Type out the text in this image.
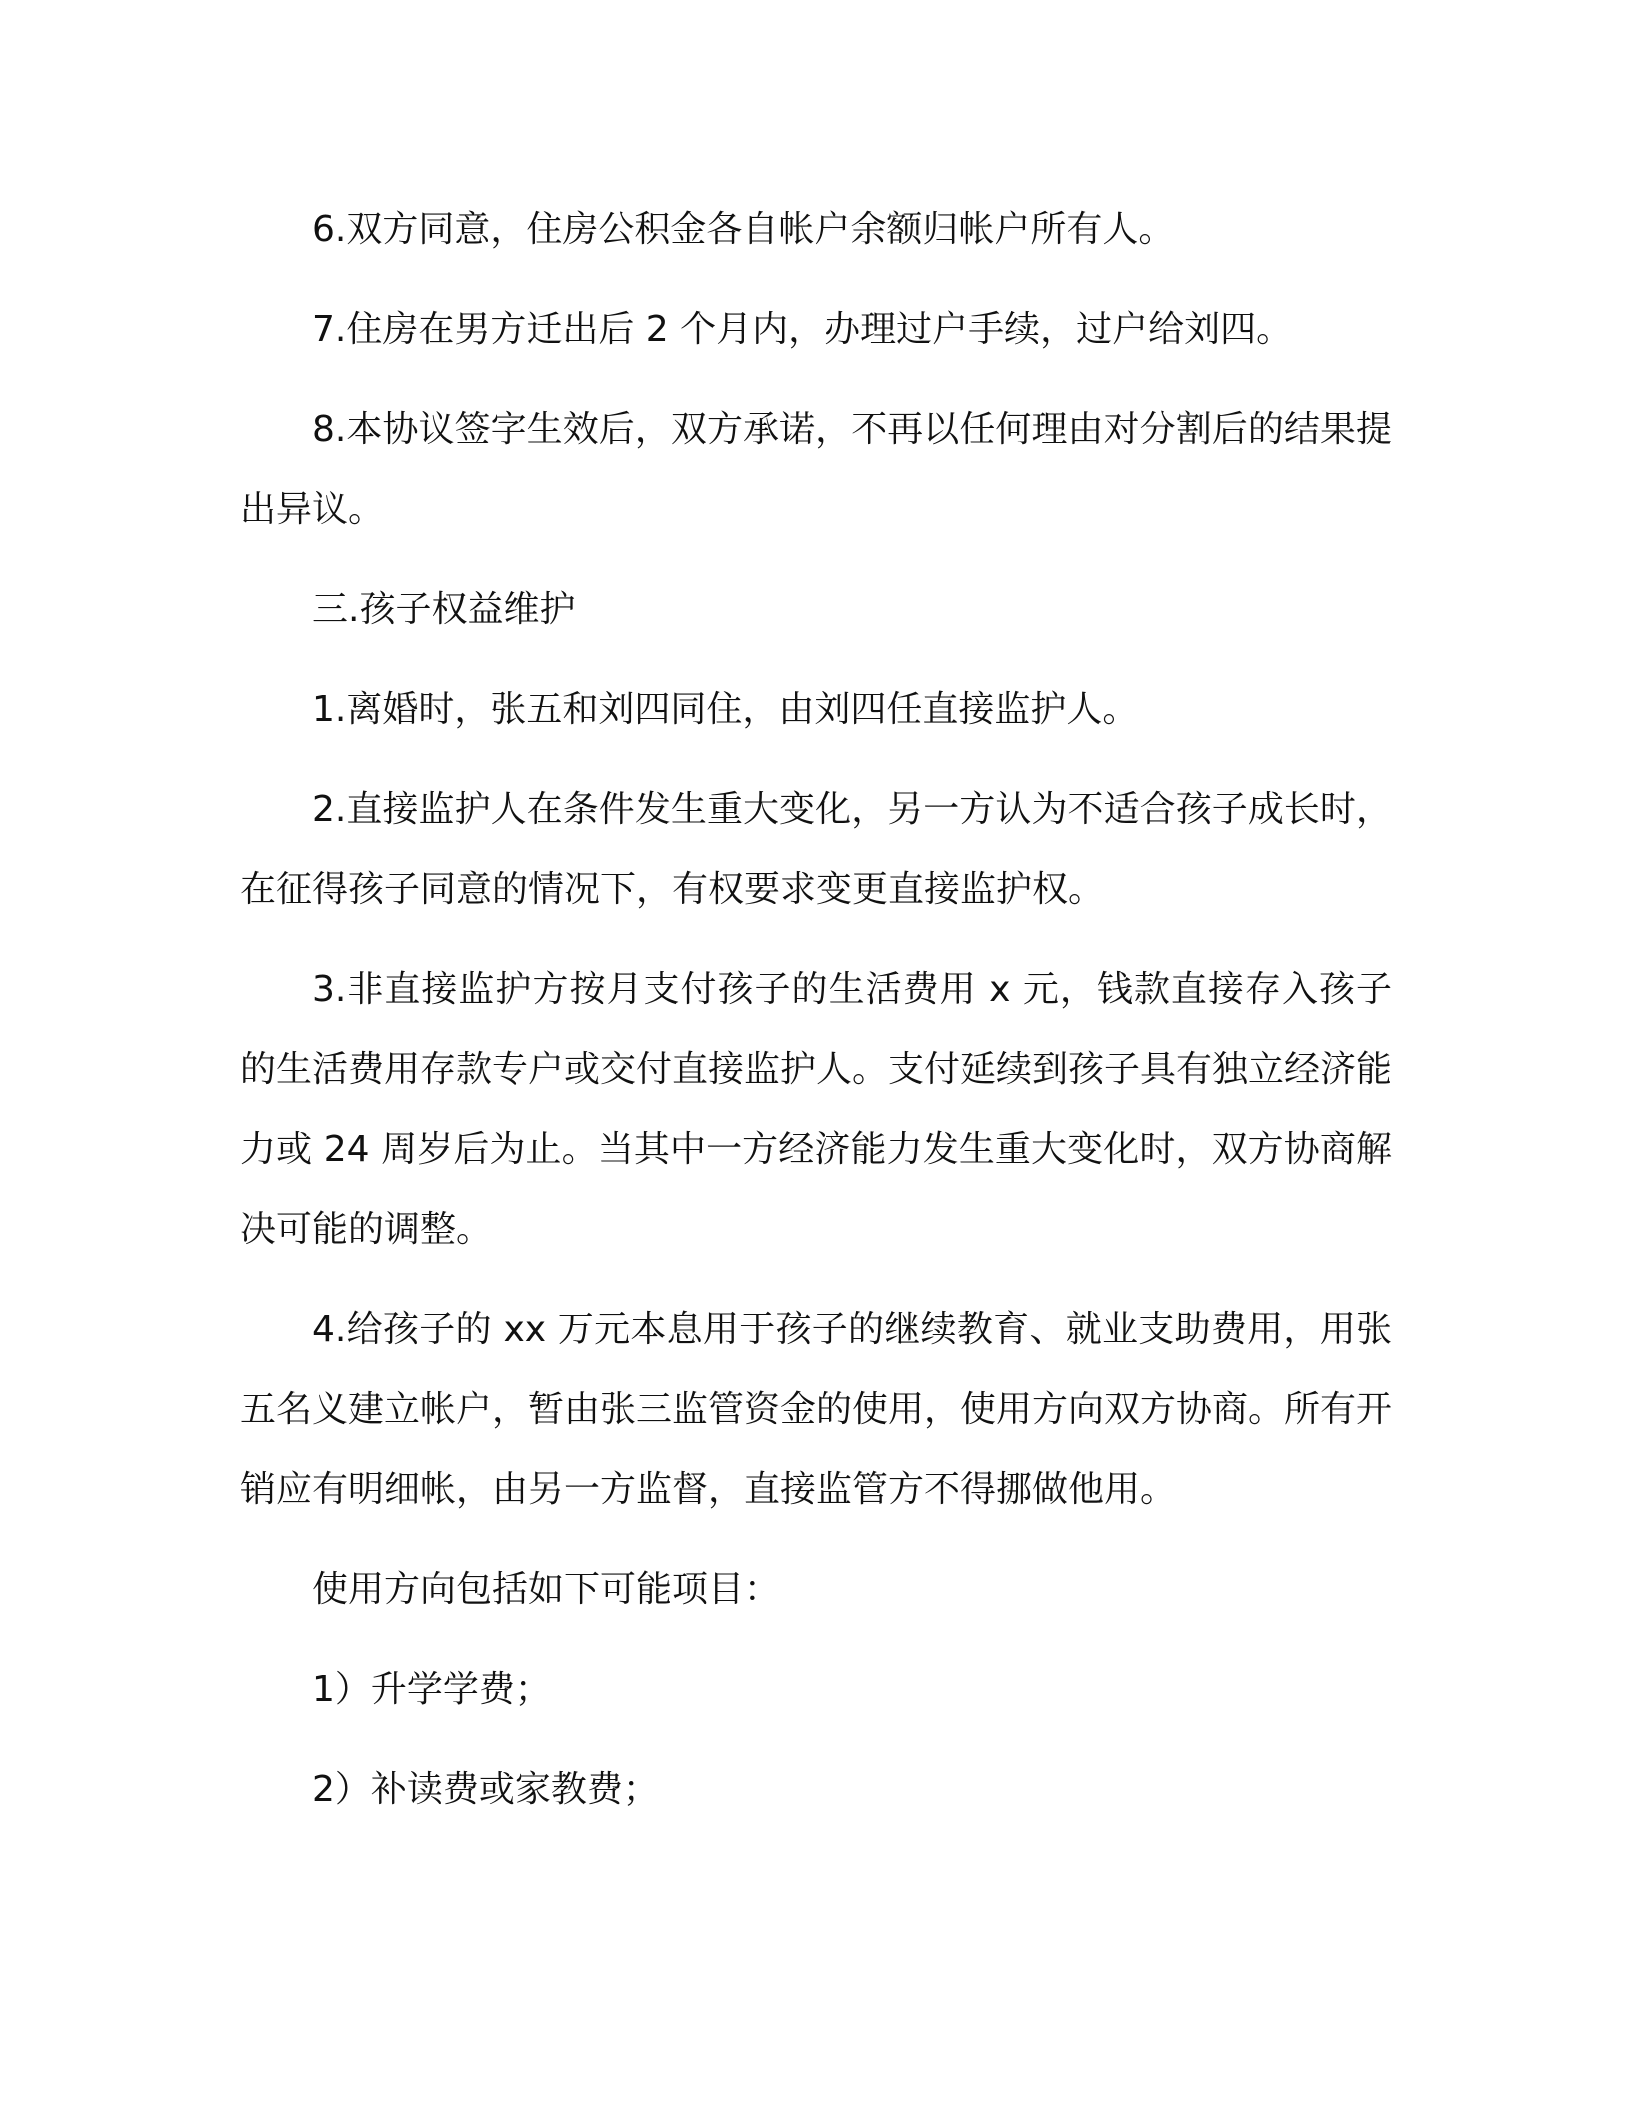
6.双方同意，住房公积金各自帐户余额归帐户所有人。

7.住房在男方迁出后 2 个月内，办理过户手续，过户给刘四。

8.本协议签字生效后，双方承诺，不再以任何理由对分割后的结果提出异议。

三.孩子权益维护

1.离婚时，张五和刘四同住，由刘四任直接监护人。

2.直接监护人在条件发生重大变化，另一方认为不适合孩子成长时，在征得孩子同意的情况下，有权要求变更直接监护权。

3.非直接监护方按月支付孩子的生活费用 x 元，钱款直接存入孩子的生活费用存款专户或交付直接监护人。支付延续到孩子具有独立经济能力或 24 周岁后为止。当其中一方经济能力发生重大变化时，双方协商解决可能的调整。

4.给孩子的 xx 万元本息用于孩子的继续教育、就业支助费用，用张五名义建立帐户，暂由张三监管资金的使用，使用方向双方协商。所有开销应有明细帐，由另一方监督，直接监管方不得挪做他用。

使用方向包括如下可能项目：

1）升学学费；

2）补读费或家教费；
